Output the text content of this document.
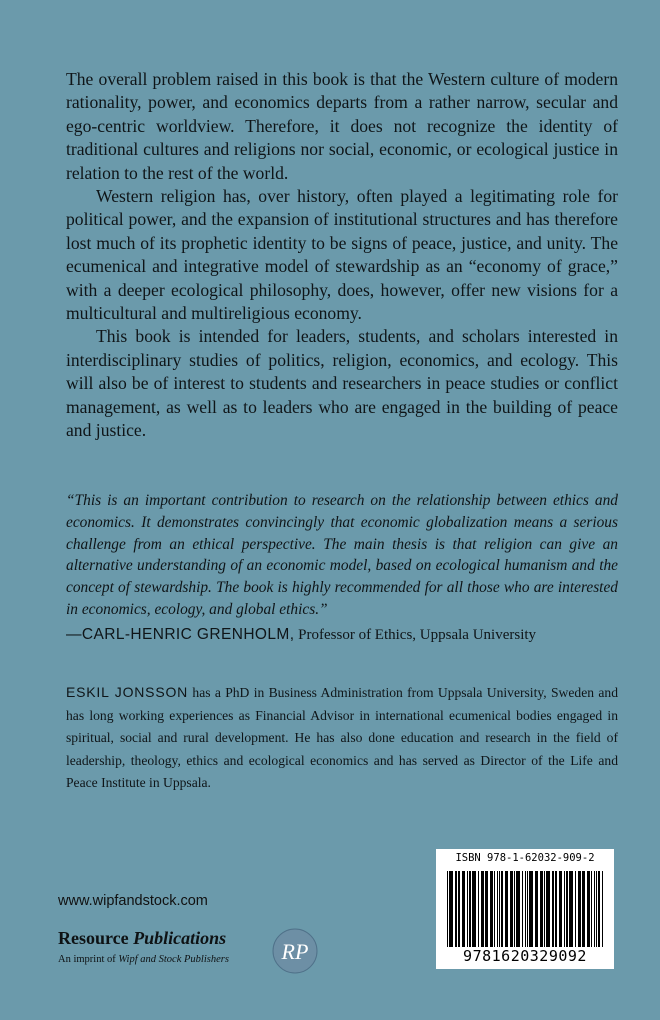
The overall problem raised in this book is that the Western culture of modern rationality, power, and economics departs from a rather narrow, secular and ego-centric worldview. Therefore, it does not recognize the identity of traditional cultures and religions nor social, economic, or ecological justice in relation to the rest of the world.

Western religion has, over history, often played a legitimating role for political power, and the expansion of institutional structures and has therefore lost much of its prophetic identity to be signs of peace, justice, and unity. The ecumenical and integrative model of stewardship as an “economy of grace,” with a deeper ecological philosophy, does, however, offer new visions for a multicultural and multireligious economy.

This book is intended for leaders, students, and scholars interested in interdisciplinary studies of politics, religion, economics, and ecology. This will also be of interest to students and researchers in peace studies or conflict management, as well as to leaders who are engaged in the building of peace and justice.

“This is an important contribution to research on the relationship between ethics and economics. It demonstrates convincingly that economic globalization means a serious challenge from an ethical perspective. The main thesis is that religion can give an alternative understanding of an economic model, based on ecological humanism and the concept of stewardship. The book is highly recommended for all those who are interested in economics, ecology, and global ethics.”

—CARL-HENRIC GRENHOLM, Professor of Ethics, Uppsala University

ESKIL JONSSON has a PhD in Business Administration from Uppsala University, Sweden and has long working experiences as Financial Advisor in international ecumenical bodies engaged in spiritual, social and rural development. He has also done education and research in the field of leadership, theology, ethics and ecological economics and has served as Director of the Life and Peace Institute in Uppsala.

www.wipfandstock.com
Resource Publications
An imprint of Wipf and Stock Publishers RP
ISBN 978-1-62032-909-2
9781620329092
